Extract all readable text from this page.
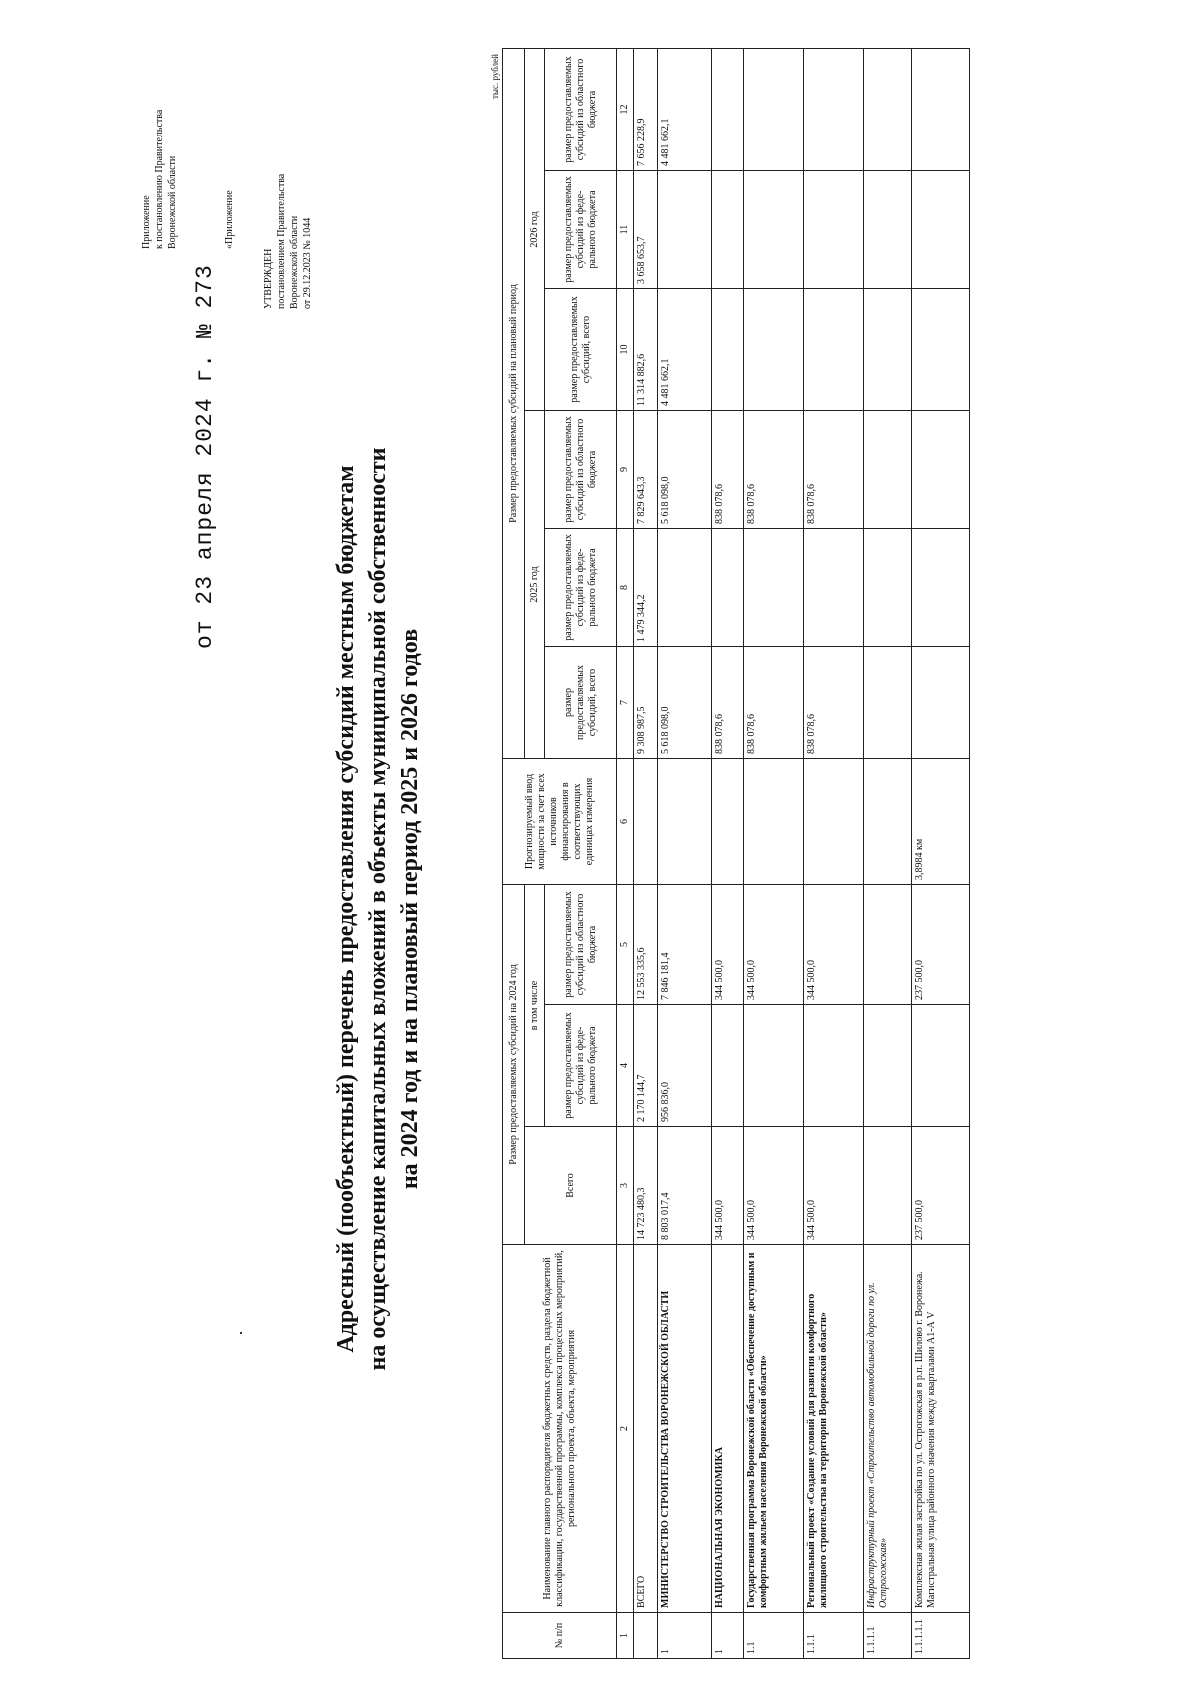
Приложение к постановлению Правительства Воронежской области
от 23 апреля 2024 г. № 273
«Приложение
УТВЕРЖДЕН постановлением Правительства Воронежской области от 29.12.2023 № 1044
Адресный (пообъектный) перечень предоставления субсидий местным бюджетам на осуществление капитальных вложений в объекты муниципальной собственности на 2024 год и на плановый период 2025 и 2026 годов
тыс. рублей
№ п/п	Наименование главного распорядителя бюджетных средств, раздела бюджетной классификации, государственной программы, комплекса процессных мероприятий, регионального проекта, объекта, мероприятия	Размер предоставляемых субсидий на 2024 год			Прогнозируемый ввод мощности за счет всех источников финансирования в соответствующих единицах измерения	Размер предоставляемых субсидий на плановый период					
		Всего	в том числе			2025 год			2026 год		
			размер предоставляемых субсидий из феде-рального бюджета	размер предоставляемых субсидий из областного бюджета		размер предоставляемых субсидий, всего	размер предоставляемых субсидий из феде-рального бюджета	размер предоставляемых субсидий из областного бюджета	размер предоставляемых субсидий, всего	размер предоставляемых субсидий из феде-рального бюджета	размер предоставляемых субсидий из областного бюджета

1	2	3	4	5	6	7	8	9	10	11	12
	ВСЕГО	14 723 480,3	2 170 144,7	12 553 335,6		9 308 987,5	1 479 344,2	7 829 643,3	11 314 882,6	3 658 653,7	7 656 228,9
1	МИНИСТЕРСТВО СТРОИТЕЛЬСТВА ВОРОНЕЖСКОЙ ОБЛАСТИ	8 803 017,4	956 836,0	7 846 181,4		5 618 098,0		5 618 098,0	4 481 662,1		4 481 662,1
1	НАЦИОНАЛЬНАЯ ЭКОНОМИКА	344 500,0		344 500,0		838 078,6		838 078,6			
1.1	Государственная программа Воронежской области «Обеспечение доступным и комфортным жильем населения Воронежской области»	344 500,0		344 500,0		838 078,6		838 078,6			
1.1.1	Региональный проект «Создание условий для развития комфортного жилищного строительства на территории Воронежской области»	344 500,0		344 500,0		838 078,6		838 078,6			
1.1.1.1	Инфраструктурный проект «Строительство автомобильной дороги по ул. Острогожская»										
1.1.1.1.1	Комплексная жилая застройка по ул. Острогожская в р.п. Шилово г. Воронежа. Магистральная улица районного значения между кварталами А1-А V	237 500,0		237 500,0	3,8984 км						
